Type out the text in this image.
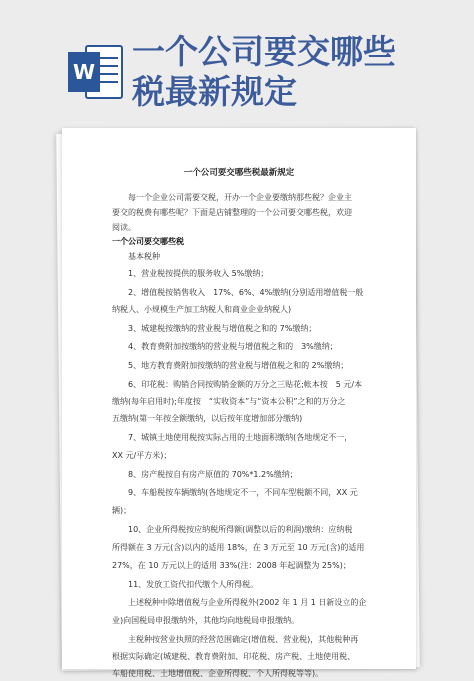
W
一个公司要交哪些
税最新规定
一个公司要交哪些税最新规定
每一个企业公司需要交税，开办一个企业要缴纳那些税？企业主
要交的税费有哪些呢？下面是店铺整理的一个公司要交哪些税，欢迎
阅读。
一个公司要交哪些税
基本税种
1、营业税按提供的服务收入 5%缴纳；
2、增值税按销售收入　17%、6%、4%缴纳(分别适用增值税一般
纳税人、小规模生产加工纳税人和商业企业纳税人)
3、城建税按缴纳的营业税与增值税之和的 7%缴纳；
4、教育费附加按缴纳的营业税与增值税之和的　3%缴纳；
5、地方教育费附加按缴纳的营业税与增值税之和的 2%缴纳；
6、印花税：购销合同按购销金额的万分之三贴花;帐本按　5 元/本
缴纳(每年启用时);年度按　“实收资本”与“资本公积”之和的万分之
五缴纳(第一年按全额缴纳，以后按年度增加部分缴纳)
7、城镇土地使用税按实际占用的土地面积缴纳(各地规定不一，
XX 元/平方米)；
8、房产税按自有房产原值的 70%*1.2%缴纳；
9、车船税按车辆缴纳(各地规定不一，不同车型税额不同，XX 元
辆)；
10、企业所得税按应纳税所得额(调整以后的利润)缴纳：应纳税
所得额在 3 万元(含)以内的适用 18%，在 3 万元至 10 万元(含)的适用
27%，在 10 万元以上的适用 33%(注：2008 年起调整为 25%)；
11、发放工资代扣代缴个人所得税。
上述税种中除增值税与企业所得税外(2002 年 1 月 1 日新设立的企
业)向国税局申报缴纳外，其他均向地税局申报缴纳。
主税种按营业执照的经营范围确定(增值税、营业税)，其他税种再
根据实际确定(城建税、教育费附加、印花税、房产税、土地使用税、
车船使用税、土地增值税、企业所得税、个人所得税等等)。
